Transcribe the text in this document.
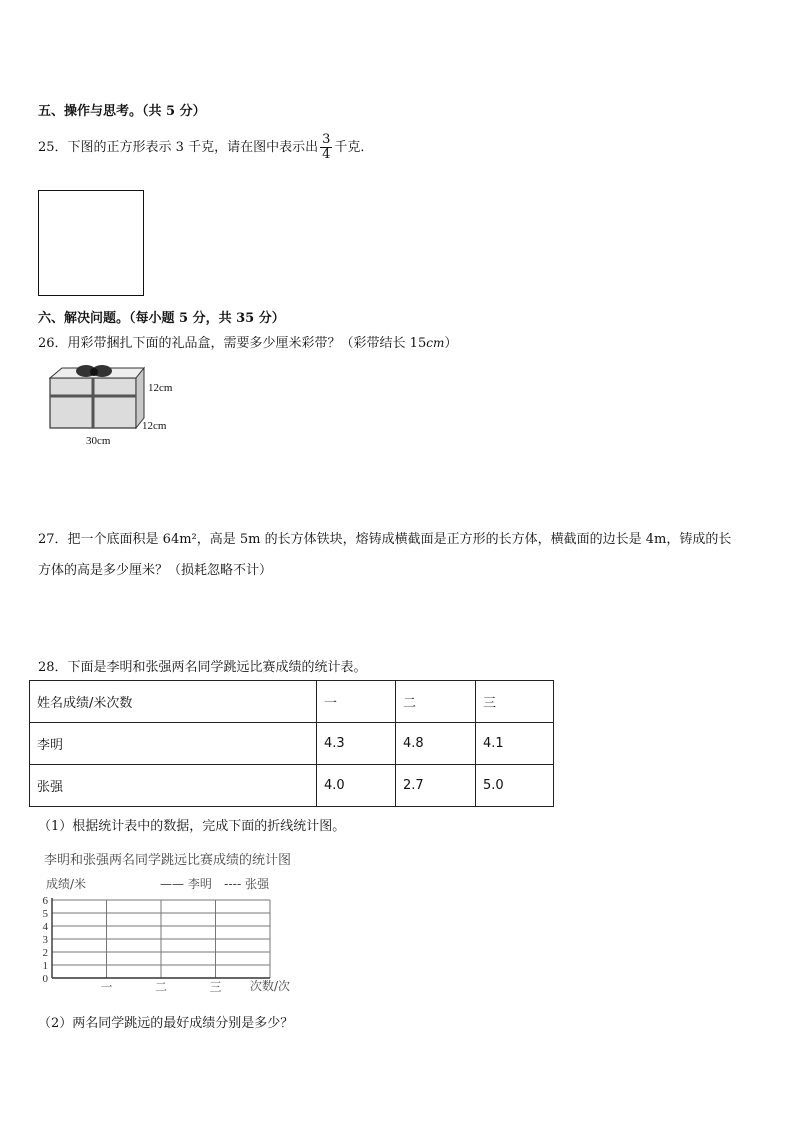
五、操作与思考。（共 5 分）
25．下图的正方形表示 3 千克，请在图中表示出 $\frac{3}{4}$ 千克．
六、解决问题。（每小题 5 分，共 35 分）
26．用彩带捆扎下面的礼品盒，需要多少厘米彩带？（彩带结长 15cm）
12cm
12cm
30cm
27．把一个底面积是 64m²，高是 5m 的长方体铁块，熔铸成横截面是正方形的长方体，横截面的边长是 4m，铸成的长
方体的高是多少厘米？（损耗忽略不计）
28．下面是李明和张强两名同学跳远比赛成绩的统计表。
姓名成绩/米次数	一	二	三
李明	4.3	4.8	4.1
张强	4.0	2.7	5.0
（1）根据统计表中的数据，完成下面的折线统计图。
李明和张强两名同学跳远比赛成绩的统计图
成绩/米	—— 李明 ---- 张强
0
1
2
3
4
5
6
一	二	三 次数/次
（2）两名同学跳远的最好成绩分别是多少？
